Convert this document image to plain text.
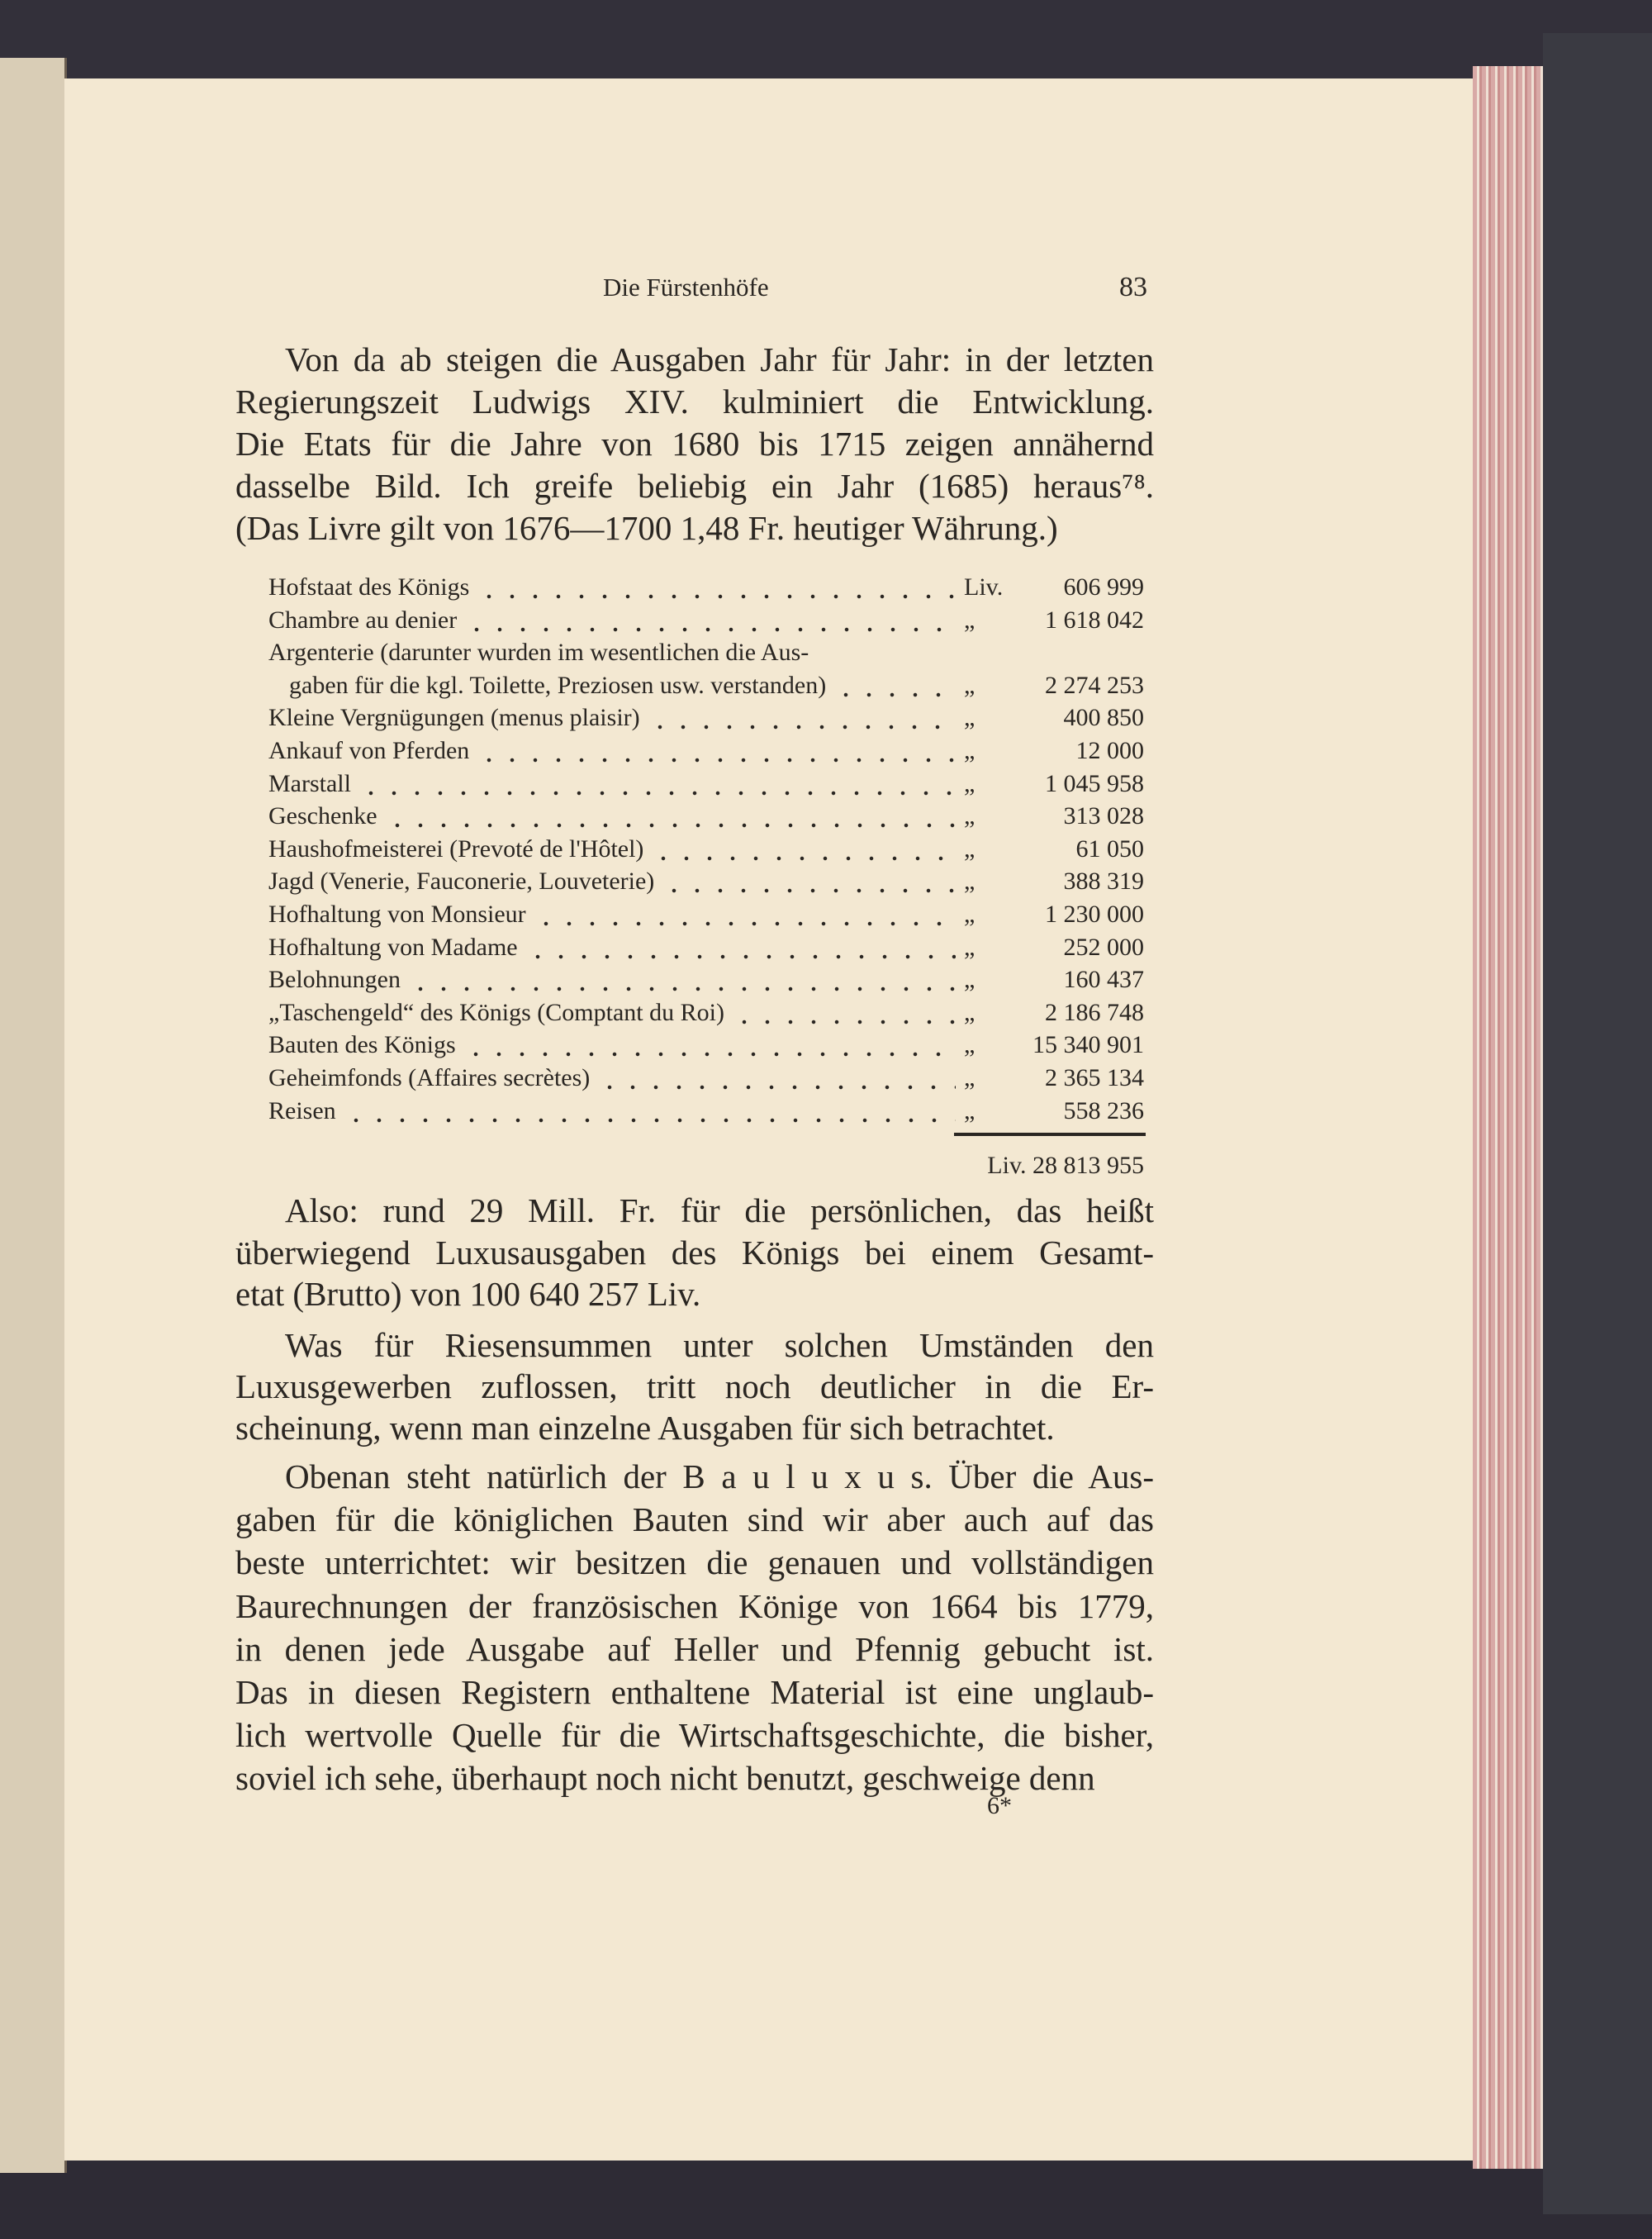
Die Fürstenhöfe	83
Von da ab steigen die Ausgaben Jahr für Jahr: in der letzten
Regierungszeit Ludwigs XIV. kulminiert die Entwicklung.
Die Etats für die Jahre von 1680 bis 1715 zeigen annähernd
dasselbe Bild. Ich greife beliebig ein Jahr (1685) heraus⁷⁸.
(Das Livre gilt von 1676—1700 1,48 Fr. heutiger Währung.)
Also: rund 29 Mill. Fr. für die persönlichen, das heißt
überwiegend Luxusausgaben des Königs bei einem Gesamt-
etat (Brutto) von 100 640 257 Liv.
Was für Riesensummen unter solchen Umständen den
Luxusgewerben zuflossen, tritt noch deutlicher in die Er-
scheinung, wenn man einzelne Ausgaben für sich betrachtet.
Obenan steht natürlich der B a u l u x u s. Über die Aus-
gaben für die königlichen Bauten sind wir aber auch auf das
beste unterrichtet: wir besitzen die genauen und vollständigen
Baurechnungen der französischen Könige von 1664 bis 1779,
in denen jede Ausgabe auf Heller und Pfennig gebucht ist.
Das in diesen Registern enthaltene Material ist eine unglaub-
lich wertvolle Quelle für die Wirtschaftsgeschichte, die bisher,
soviel ich sehe, überhaupt noch nicht benutzt, geschweige denn
Hofstaat des Königs	Liv.	606 999
Chambre au denier	„	1 618 042
Argenterie (darunter wurden im wesentlichen die Aus-
gaben für die kgl. Toilette, Preziosen usw. verstanden)	„	2 274 253
Kleine Vergnügungen (menus plaisir)	„	400 850
Ankauf von Pferden	„	12 000
Marstall	„	1 045 958
Geschenke	„	313 028
Haushofmeisterei (Prevoté de l'Hôtel)	„	61 050
Jagd (Venerie, Fauconerie, Louveterie)	„	388 319
Hofhaltung von Monsieur	„	1 230 000
Hofhaltung von Madame	„	252 000
Belohnungen	„	160 437
„Taschengeld“ des Königs (Comptant du Roi)	„	2 186 748
Bauten des Königs	„	15 340 901
Geheimfonds (Affaires secrètes)	„	2 365 134
Reisen	„	558 236
Liv. 28 813 955
6*
